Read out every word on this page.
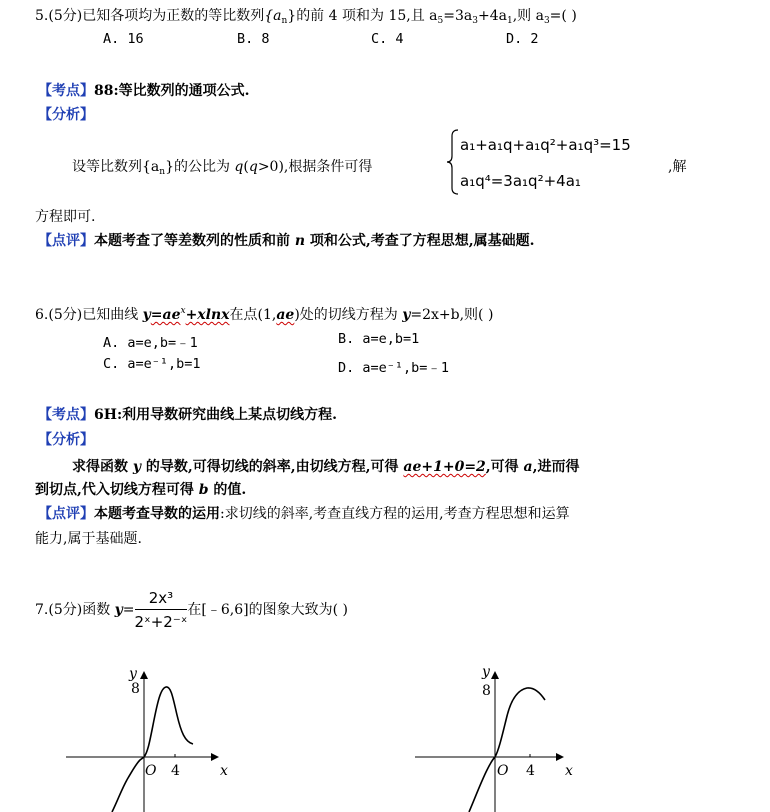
5.(5分)已知各项均为正数的等比数列$\{a_n\}$的前 4 项和为 15,且 $a_5=3a_3+4a_1$,则 $a_3=$( )
A. 16	B. 8	C. 4	D. 2
【考点】88:等比数列的通项公式.
【分析】
设等比数列$\{a_n\}$的公比为 q(q>0),根据条件可得
a₁+a₁q+a₁q²+a₁q³=15
a₁q⁴=3a₁q²+4a₁
,解
方程即可.
【点评】本题考查了等差数列的性质和前 n 项和公式,考查了方程思想,属基础题.
6.(5分)已知曲线 $y=ae^x+xlnx$在点(1,ae)处的切线方程为 y=2x+b,则( )
A. a=e,b=﹣1	B. a=e,b=1
C. a=e⁻¹,b=1	D. a=e⁻¹,b=﹣1
【考点】6H:利用导数研究曲线上某点切线方程.
【分析】
求得函数 y 的导数,可得切线的斜率,由切线方程,可得 ae+1+0=2,可得 a,进而得
到切点,代入切线方程可得 b 的值.
【点评】本题考查导数的运用:求切线的斜率,考查直线方程的运用,考查方程思想和运算
能力,属于基础题.
7.(5分)函数 $y= \frac{\text{2x³}}{\text{2ˣ+2⁻ˣ}}$ 在[﹣6,6]的图象大致为( )
y
8
O 4	x
y
8
O 4 x
